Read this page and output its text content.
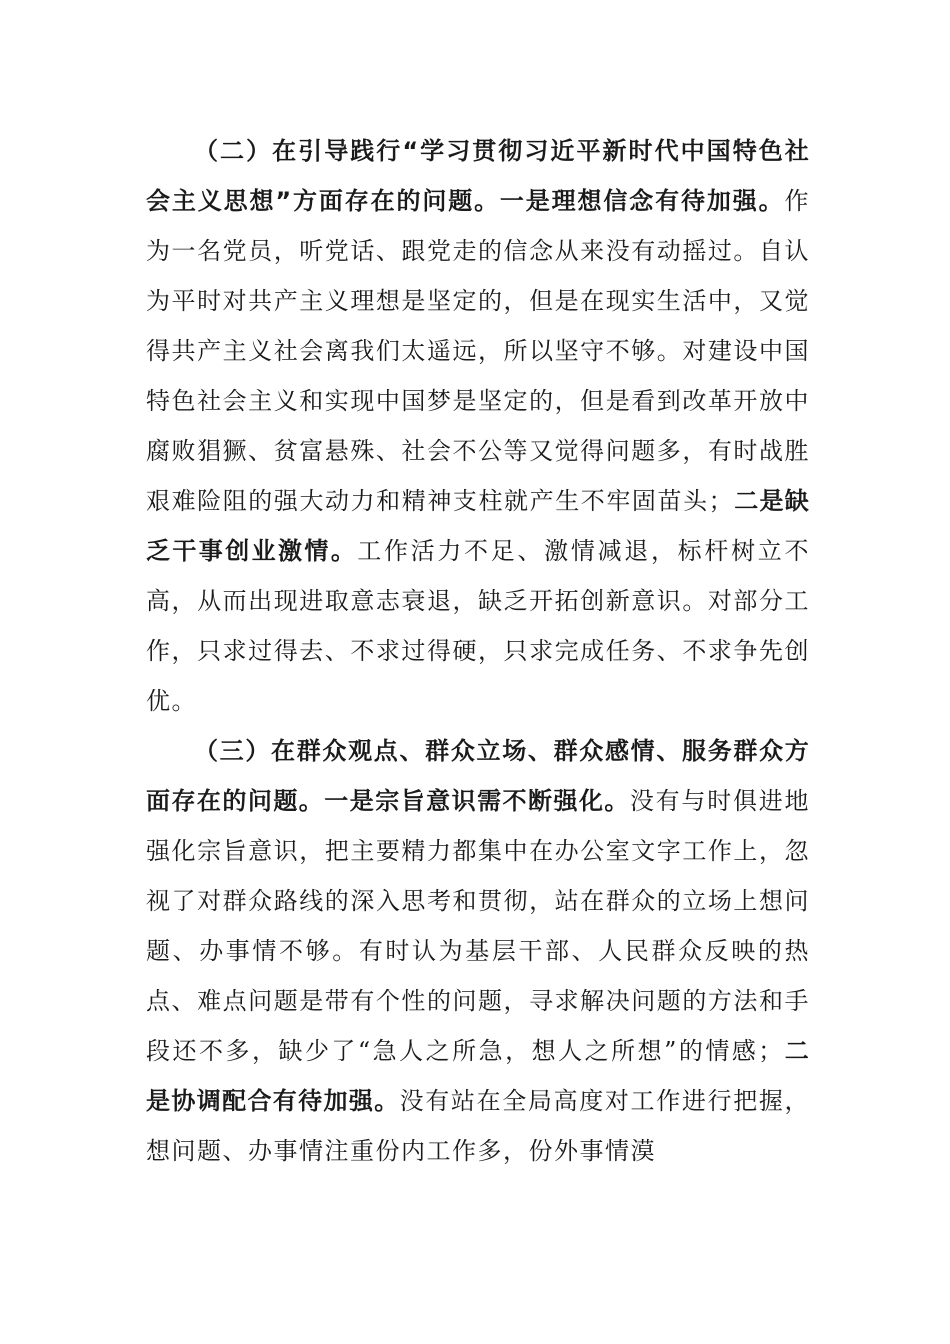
（二）在引导践行“学习贯彻习近平新时代中国特色社会主义思想”方面存在的问题。一是理想信念有待加强。作为一名党员，听党话、跟党走的信念从来没有动摇过。自认为平时对共产主义理想是坚定的，但是在现实生活中，又觉得共产主义社会离我们太遥远，所以坚守不够。对建设中国特色社会主义和实现中国梦是坚定的，但是看到改革开放中腐败猖獗、贫富悬殊、社会不公等又觉得问题多，有时战胜艰难险阻的强大动力和精神支柱就产生不牢固苗头；二是缺乏干事创业激情。工作活力不足、激情减退，标杆树立不高，从而出现进取意志衰退，缺乏开拓创新意识。对部分工作，只求过得去、不求过得硬，只求完成任务、不求争先创优。

（三）在群众观点、群众立场、群众感情、服务群众方面存在的问题。一是宗旨意识需不断强化。没有与时俱进地强化宗旨意识，把主要精力都集中在办公室文字工作上，忽视了对群众路线的深入思考和贯彻，站在群众的立场上想问题、办事情不够。有时认为基层干部、人民群众反映的热点、难点问题是带有个性的问题，寻求解决问题的方法和手段还不多，缺少了“急人之所急，想人之所想”的情感；二是协调配合有待加强。没有站在全局高度对工作进行把握，想问题、办事情注重份内工作多，份外事情漠
